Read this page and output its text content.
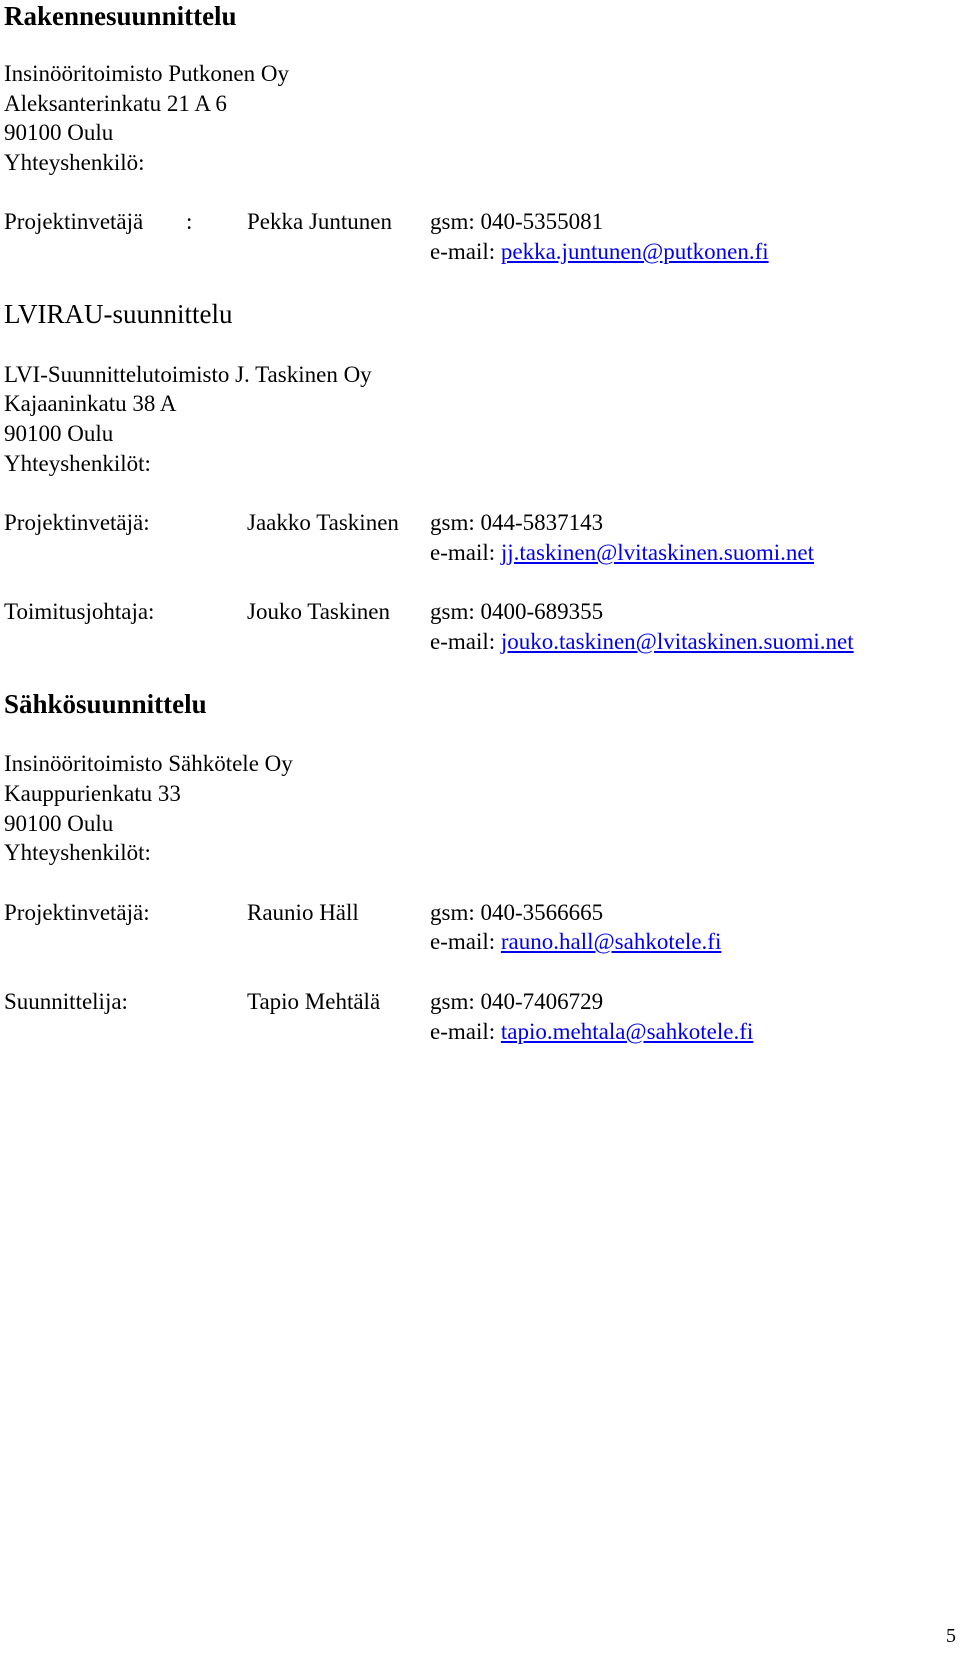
Rakennesuunnittelu
Insinööritoimisto Putkonen Oy
Aleksanterinkatu 21 A 6
90100 Oulu
Yhteyshenkilö:
Projektinvetäjä : Pekka Juntunen gsm: 040-5355081
e-mail: pekka.juntunen@putkonen.fi
LVIRAU-suunnittelu
LVI-Suunnittelutoimisto J. Taskinen Oy
Kajaaninkatu 38 A
90100 Oulu
Yhteyshenkilöt:
Projektinvetäjä:	Jaakko Taskinen gsm: 044-5837143
e-mail: jj.taskinen@lvitaskinen.suomi.net
Toimitusjohtaja:	Jouko Taskinen gsm: 0400-689355
e-mail: jouko.taskinen@lvitaskinen.suomi.net
Sähkösuunnittelu
Insinööritoimisto Sähkötele Oy
Kauppurienkatu 33
90100 Oulu
Yhteyshenkilöt:
Projektinvetäjä:	Raunio Häll	gsm: 040-3566665
e-mail: rauno.hall@sahkotele.fi
Suunnittelija:	Tapio Mehtälä gsm: 040-7406729
e-mail: tapio.mehtala@sahkotele.fi
5
